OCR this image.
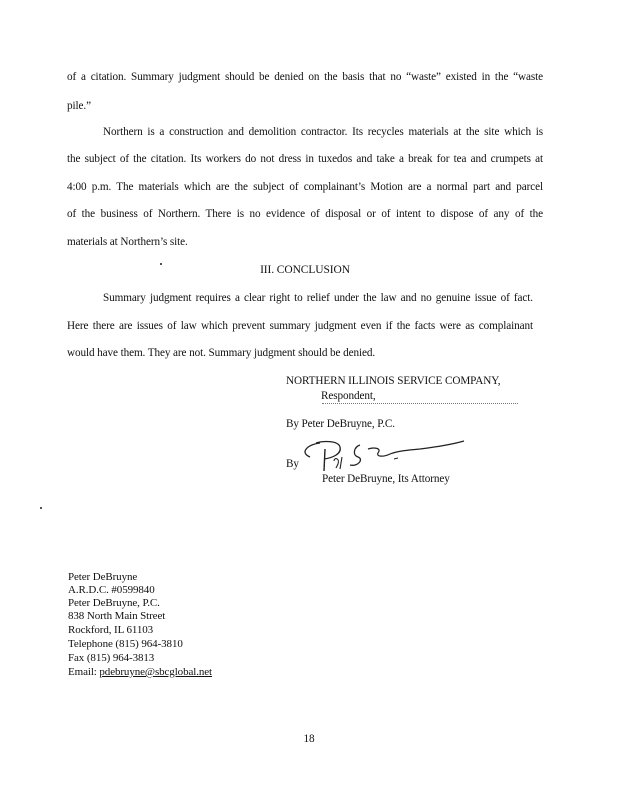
of a citation. Summary judgment should be denied on the basis that no “waste” existed in the “waste
pile.”
Northern is a construction and demolition contractor. Its recycles materials at the site which is
the subject of the citation. Its workers do not dress in tuxedos and take a break for tea and crumpets at
4:00 p.m. The materials which are the subject of complainant’s Motion are a normal part and parcel
of the business of Northern. There is no evidence of disposal or of intent to dispose of any of the
materials at Northern’s site.
III. CONCLUSION
Summary judgment requires a clear right to relief under the law and no genuine issue of fact.
Here there are issues of law which prevent summary judgment even if the facts were as complainant
would have them. They are not. Summary judgment should be denied.
NORTHERN ILLINOIS SERVICE COMPANY,
Respondent,
By Peter DeBruyne, P.C.
By
Peter DeBruyne, Its Attorney
Peter DeBruyne
A.R.D.C. #0599840
Peter DeBruyne, P.C.
838 North Main Street
Rockford, IL 61103
Telephone (815) 964-3810
Fax (815) 964-3813
Email: pdebruyne@sbcglobal.net
18
